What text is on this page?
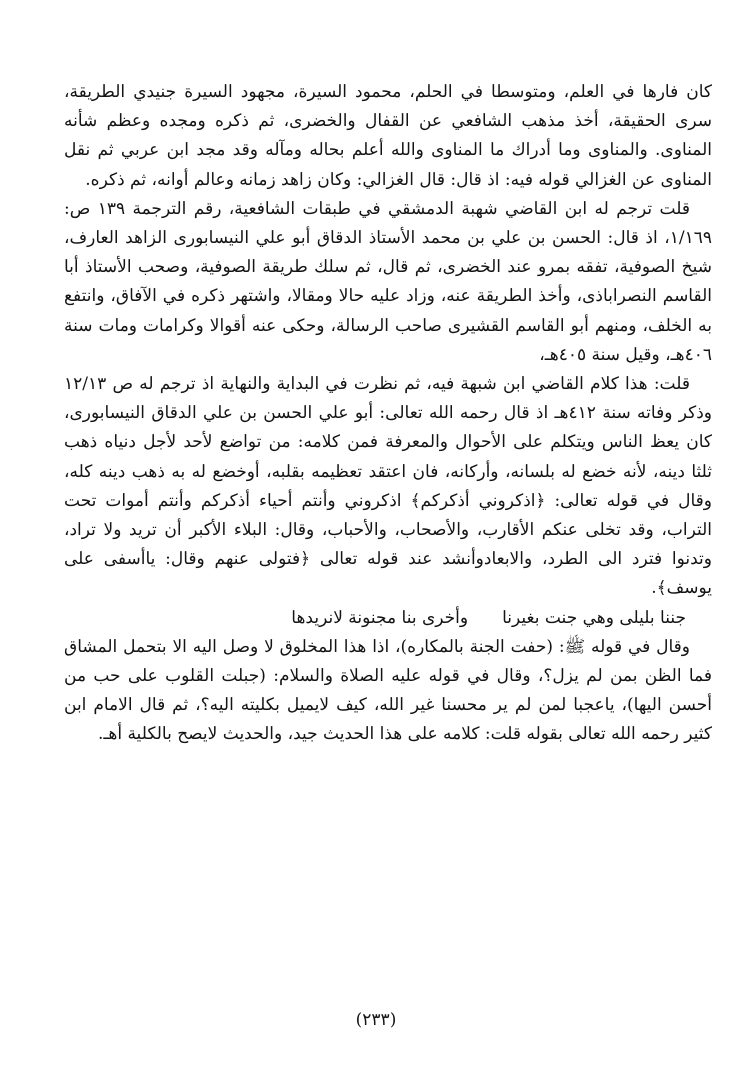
كان فارها في العلم، ومتوسطا في الحلم، محمود السيرة، مجهود السيرة جنيدي الطريقة، سرى الحقيقة، أخذ مذهب الشافعي عن القفال والخضرى، ثم ذكره ومجده وعظم شأنه المناوى. والمناوى وما أدراك ما المناوى والله أعلم بحاله ومآله وقد مجد ابن عربي ثم نقل المناوى عن الغزالي قوله فيه: اذ قال: قال الغزالي: وكان زاهد زمانه وعالم أوانه، ثم ذكره.

قلت ترجم له ابن القاضي شهبة الدمشقي في طبقات الشافعية، رقم الترجمة ١٣٩ ص: ١/١٦٩، اذ قال: الحسن بن علي بن محمد الأستاذ الدقاق أبو علي النيسابورى الزاهد العارف، شيخ الصوفية، تفقه بمرو عند الخضرى، ثم قال، ثم سلك طريقة الصوفية، وصحب الأستاذ أبا القاسم النصراباذى، وأخذ الطريقة عنه، وزاد عليه حالا ومقالا، واشتهر ذكره في الآفاق، وانتفع به الخلف، ومنهم أبو القاسم القشيرى صاحب الرسالة، وحكى عنه أقوالا وكرامات ومات سنة ٤٠٦هـ، وقيل سنة ٤٠٥هـ،

قلت: هذا كلام القاضي ابن شبهة فيه، ثم نظرت في البداية والنهاية اذ ترجم له ص ١٢/١٣ وذكر وفاته سنة ٤١٢هـ اذ قال رحمه الله تعالى: أبو علي الحسن بن علي الدقاق النيسابورى، كان يعظ الناس ويتكلم على الأحوال والمعرفة فمن كلامه: من تواضع لأحد لأجل دنياه ذهب ثلثا دينه، لأنه خضع له بلسانه، وأركانه، فان اعتقد تعظيمه بقلبه، أوخضع له به ذهب دينه كله، وقال في قوله تعالى: ﴿اذكروني أذكركم﴾ اذكروني وأنتم أحياء أذكركم وأنتم أموات تحت التراب، وقد تخلى عنكم الأقارب، والأصحاب، والأحباب، وقال: البلاء الأكبر أن تريد ولا تراد، وتدنوا فترد الى الطرد، والابعادوأنشد عند قوله تعالى ﴿فتولى عنهم وقال: ياأسفى على يوسف﴾.

جننا بليلى وهي جنت بغيرنا
وأخرى بنا مجنونة لانريدها

وقال في قوله ﷺ: (حفت الجنة بالمكاره)، اذا هذا المخلوق لا وصل اليه الا بتحمل المشاق فما الظن بمن لم يزل؟، وقال في قوله عليه الصلاة والسلام: (جبلت القلوب على حب من أحسن اليها)، ياعجبا لمن لم ير محسنا غير الله، كيف لايميل بكليته اليه؟، ثم قال الامام ابن كثير رحمه الله تعالى بقوله قلت: كلامه على هذا الحديث جيد، والحديث لايصح بالكلية أهـ.

(٢٣٣)
